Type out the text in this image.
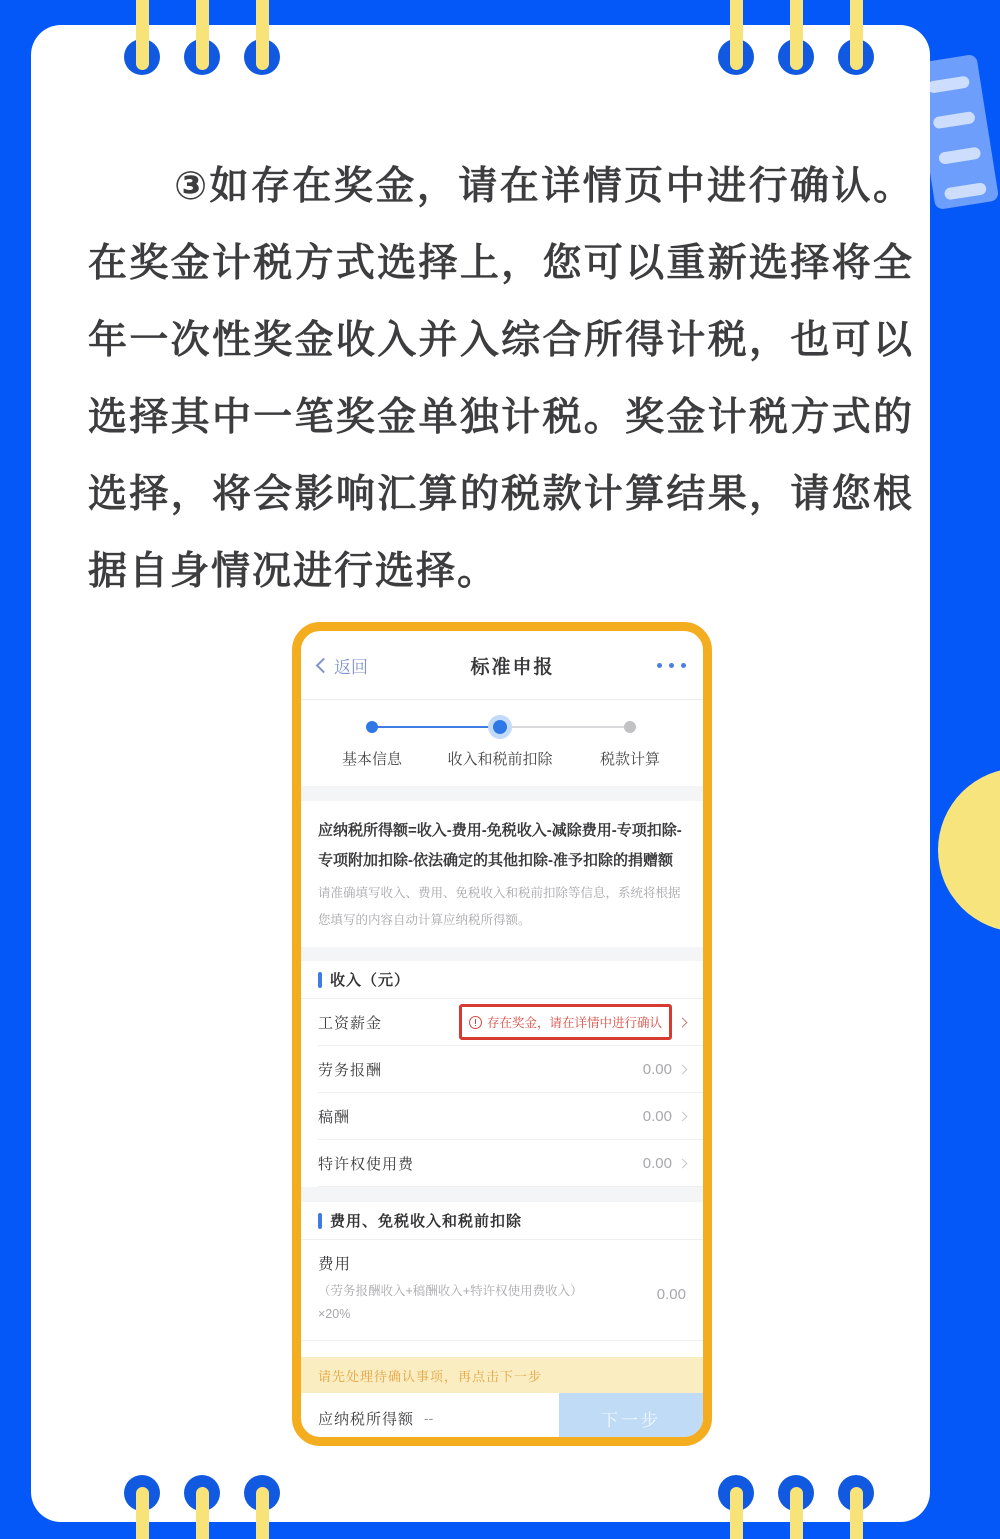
③如存在奖金，请在详情页中进行确认。在奖金计税方式选择上，您可以重新选择将全年一次性奖金收入并入综合所得计税，也可以选择其中一笔奖金单独计税。奖金计税方式的选择，将会影响汇算的税款计算结果，请您根据自身情况进行选择。
返回	标准申报
基本信息	收入和税前扣除	税款计算
应纳税所得额=收入-费用-免税收入-减除费用-专项扣除-专项附加扣除-依法确定的其他扣除-准予扣除的捐赠额
请准确填写收入、费用、免税收入和税前扣除等信息，系统将根据您填写的内容自动计算应纳税所得额。
收入（元）
工资薪金	存在奖金，请在详情中进行确认
劳务报酬	0.00
稿酬	0.00
特许权使用费	0.00
费用、免税收入和税前扣除
费用
（劳务报酬收入+稿酬收入+特许权使用费收入）
×20%
0.00
请先处理待确认事项，再点击下一步
应纳税所得额 --	下一步
